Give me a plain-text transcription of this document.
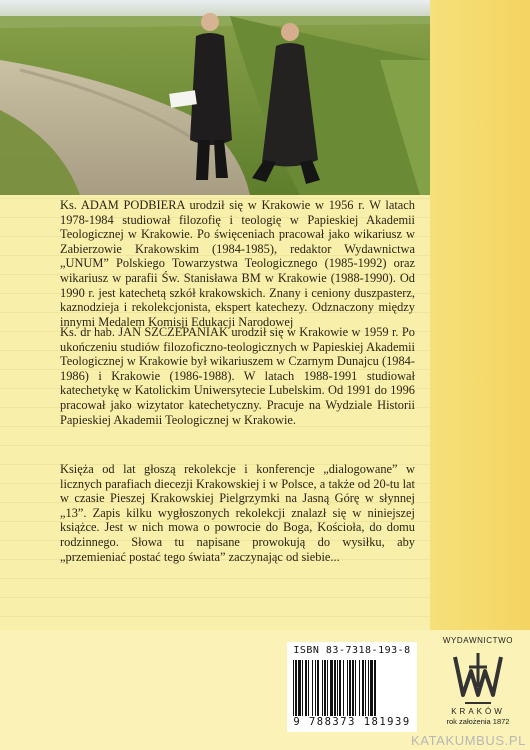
Ks. ADAM PODBIERA urodził się w Krakowie w 1956 r. W latach 1978-1984 studiował filozofię i teologię w Papieskiej Akademii Teologicznej w Krakowie. Po święceniach pracował jako wikariusz w Zabierzowie Krakowskim (1984-1985), redaktor Wydawnictwa „UNUM” Polskiego Towarzystwa Teologicznego (1985-1992) oraz wikariusz w parafii Św. Stanisława BM w Krakowie (1988-1990). Od 1990 r. jest katechetą szkół krakowskich. Znany i ceniony duszpasterz, kaznodzieja i rekolekcjonista, ekspert katechezy. Odznaczony między innymi Medalem Komisji Edukacji Narodowej

Ks. dr hab. JAN SZCZEPANIAK urodził się w Krakowie w 1959 r. Po ukończeniu studiów filozoficzno-teologicznych w Papieskiej Akademii Teologicznej w Krakowie był wikariuszem w Czarnym Dunajcu (1984-1986) i Krakowie (1986-1988). W latach 1988-1991 studiował katechetykę w Katolickim Uniwersytecie Lubelskim. Od 1991 do 1996 pracował jako wizytator katechetyczny. Pracuje na Wydziale Historii Papieskiej Akademii Teologicznej w Krakowie.

Księża od lat głoszą rekolekcje i konferencje „dialogowane” w licznych parafiach diecezji Krakowskiej i w Polsce, a także od 20-tu lat w czasie Pieszej Krakowskiej Pielgrzymki na Jasną Górę w słynnej „13”. Zapis kilku wygłoszonych rekolekcji znalazł się w niniejszej książce. Jest w nich mowa o powrocie do Boga, Kościoła, do domu rodzinnego. Słowa tu napisane prowokują do wysiłku, aby „przemieniać postać tego świata” zaczynając od siebie...

ISBN 83-7318-193-8
9 788373 181939
WYDAWNICTWO
KRAKÓW
rok założenia 1872
KATAKUMBUS.PL
